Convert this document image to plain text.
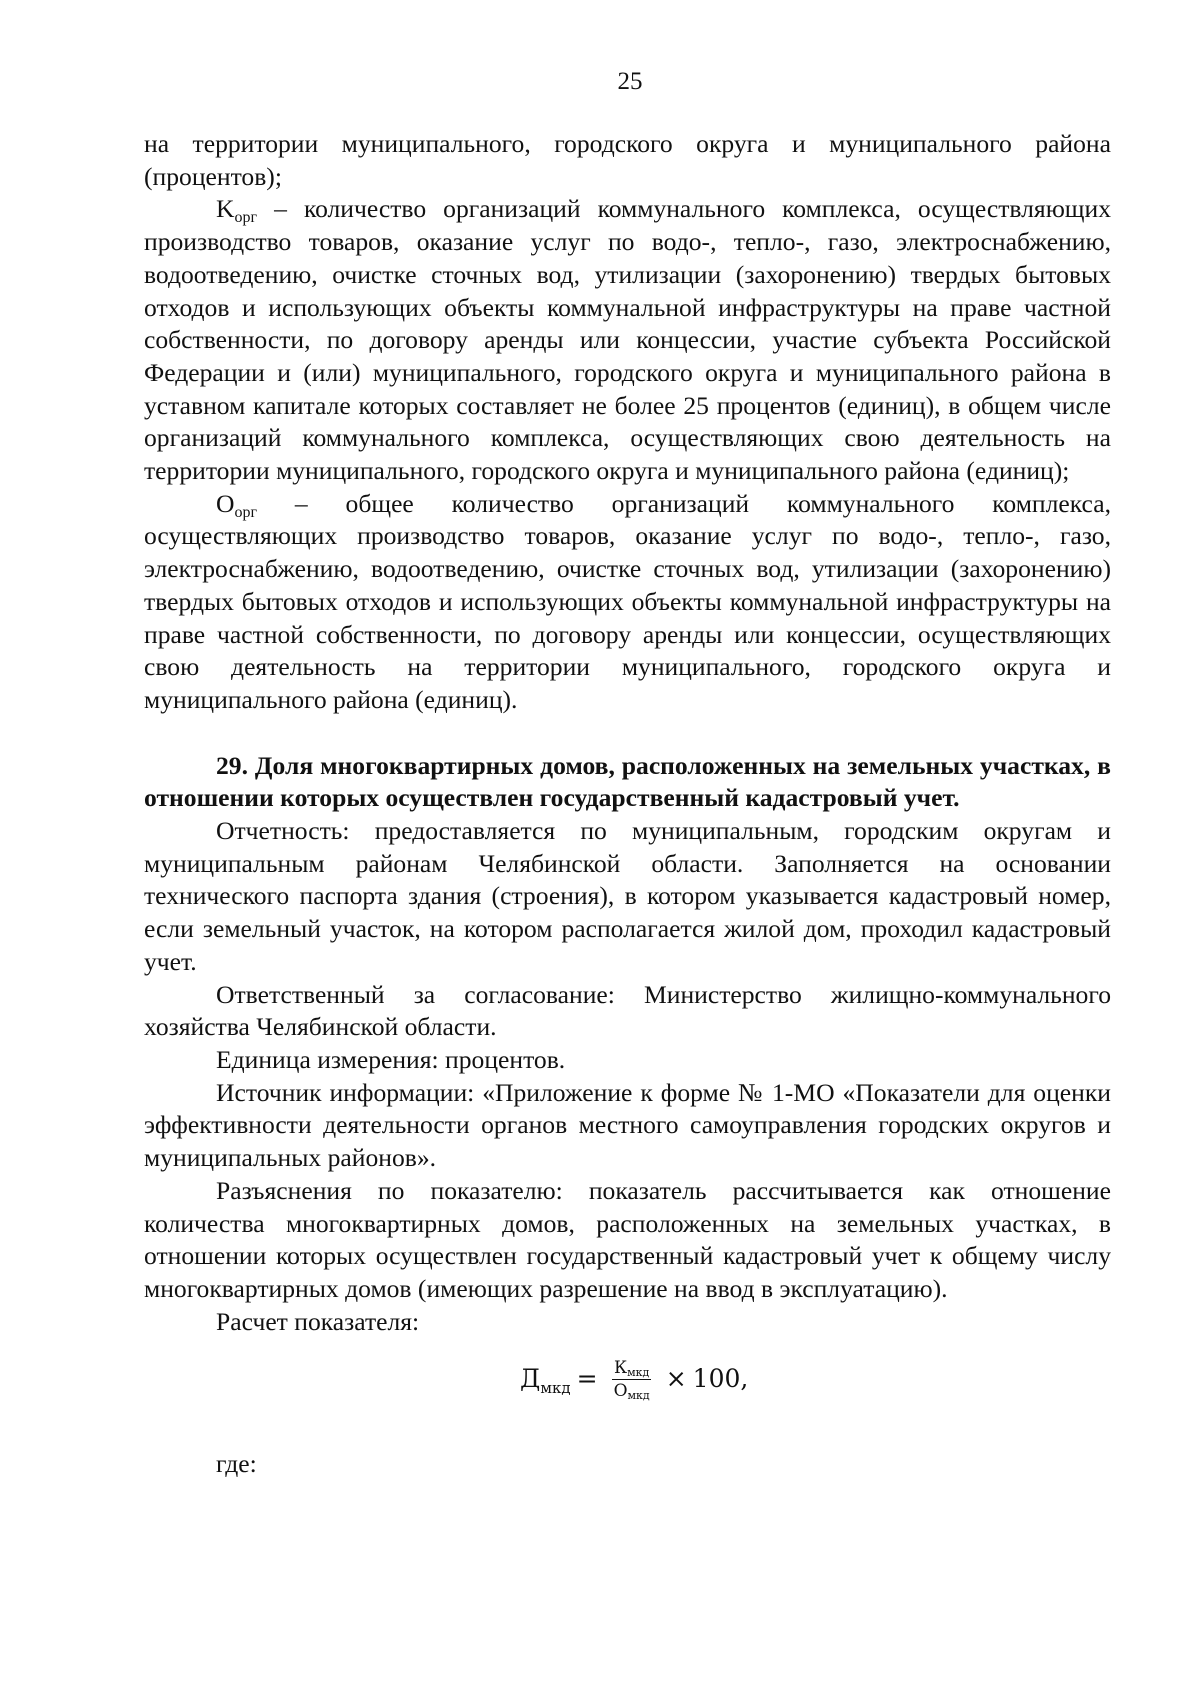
25

на территории муниципального, городского округа и муниципального района (процентов);

$K_{орг}$ – количество организаций коммунального комплекса, осуществляющих производство товаров, оказание услуг по водо-, тепло-, газо, электроснабжению, водоотведению, очистке сточных вод, утилизации (захоронению) твердых бытовых отходов и использующих объекты коммунальной инфраструктуры на праве частной собственности, по договору аренды или концессии, участие субъекта Российской Федерации и (или) муниципального, городского округа и муниципального района в уставном капитале которых составляет не более 25 процентов (единиц), в общем числе организаций коммунального комплекса, осуществляющих свою деятельность на территории муниципального, городского округа и муниципального района (единиц);

$O_{орг}$ – общее количество организаций коммунального комплекса, осуществляющих производство товаров, оказание услуг по водо-, тепло-, газо, электроснабжению, водоотведению, очистке сточных вод, утилизации (захоронению) твердых бытовых отходов и использующих объекты коммунальной инфраструктуры на праве частной собственности, по договору аренды или концессии, осуществляющих свою деятельность на территории муниципального, городского округа и муниципального района (единиц).

29. Доля многоквартирных домов, расположенных на земельных участках, в отношении которых осуществлен государственный кадастровый учет.

Отчетность: предоставляется по муниципальным, городским округам и муниципальным районам Челябинской области. Заполняется на основании технического паспорта здания (строения), в котором указывается кадастровый номер, если земельный участок, на котором располагается жилой дом, проходил кадастровый учет.

Ответственный за согласование: Министерство жилищно-коммунального хозяйства Челябинской области.

Единица измерения: процентов.

Источник информации: «Приложение к форме № 1-МО «Показатели для оценки эффективности деятельности органов местного самоуправления городских округов и муниципальных районов».

Разъяснения по показателю: показатель рассчитывается как отношение количества многоквартирных домов, расположенных на земельных участках, в отношении которых осуществлен государственный кадастровый учет к общему числу многоквартирных домов (имеющих разрешение на ввод в эксплуатацию).

Расчет показателя:

$Д_{мкд} = \frac{К_{мкд}}{О_{мкд}} \times 100$,

где:
